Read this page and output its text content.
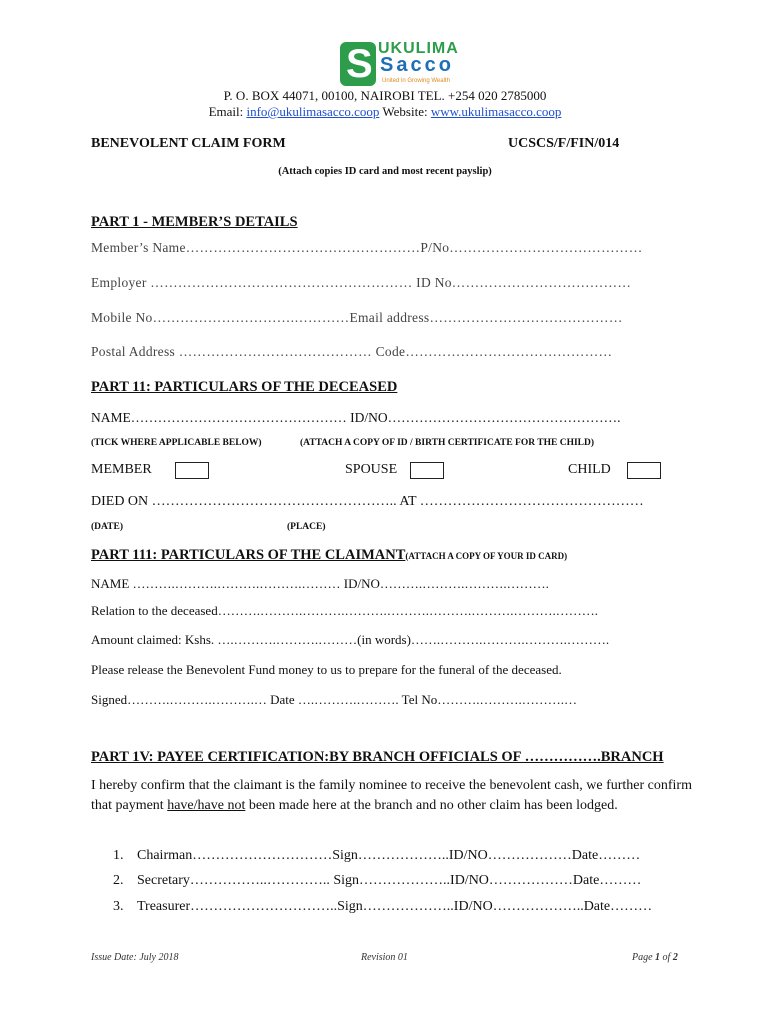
S UKULIMA
Sacco
United in Growing Wealth
P. O. BOX 44071, 00100, NAIROBI TEL. +254 020 2785000
Email: info@ukulimasacco.coop Website: www.ukulimasacco.coop
BENEVOLENT CLAIM FORM	UCSCS/F/FIN/014
(Attach copies ID card and most recent payslip)
PART 1 - MEMBER’S DETAILS
Member’s Name……………………………………………P/No……………………………………
Employer ………………………………………………… ID No…………………………………
Mobile No………………………….…………Email address……………………………………
Postal Address …………………………………… Code………………………………………
PART 11: PARTICULARS OF THE DECEASED
NAME………………………………………… ID/NO…………………………………………….
(TICK WHERE APPLICABLE BELOW)	(ATTACH A COPY OF ID / BIRTH CERTIFICATE FOR THE CHILD)
MEMBER	SPOUSE	CHILD
DIED ON …………………………………………….. AT …………………………………………
(DATE)	(PLACE)
PART 111: PARTICULARS OF THE CLAIMANT(ATTACH A COPY OF YOUR ID CARD)
NAME ……….……….……….……….……… ID/NO……….……….……….……….
Relation to the deceased……….……….……….……….……….……….……….……….……….
Amount claimed: Kshs. ….……….……….………(in words)…….……….……….……….……….
Please release the Benevolent Fund money to us to prepare for the funeral of the deceased.
Signed……….……….……….… Date ….……….………. Tel No……….……….……….…
PART 1V: PAYEE CERTIFICATION:BY BRANCH OFFICIALS OF …………….BRANCH
I hereby confirm that the claimant is the family nominee to receive the benevolent cash, we further confirm that payment have/have not been made here at the branch and no other claim has been lodged.
1. Chairman…………………………Sign………………..ID/NO………………Date………
2. Secretary……………..………….. Sign………………..ID/NO………………Date………
3. Treasurer…………………………..Sign………………..ID/NO………………..Date………
Issue Date: July 2018	Revision 01	Page 1 of 2
